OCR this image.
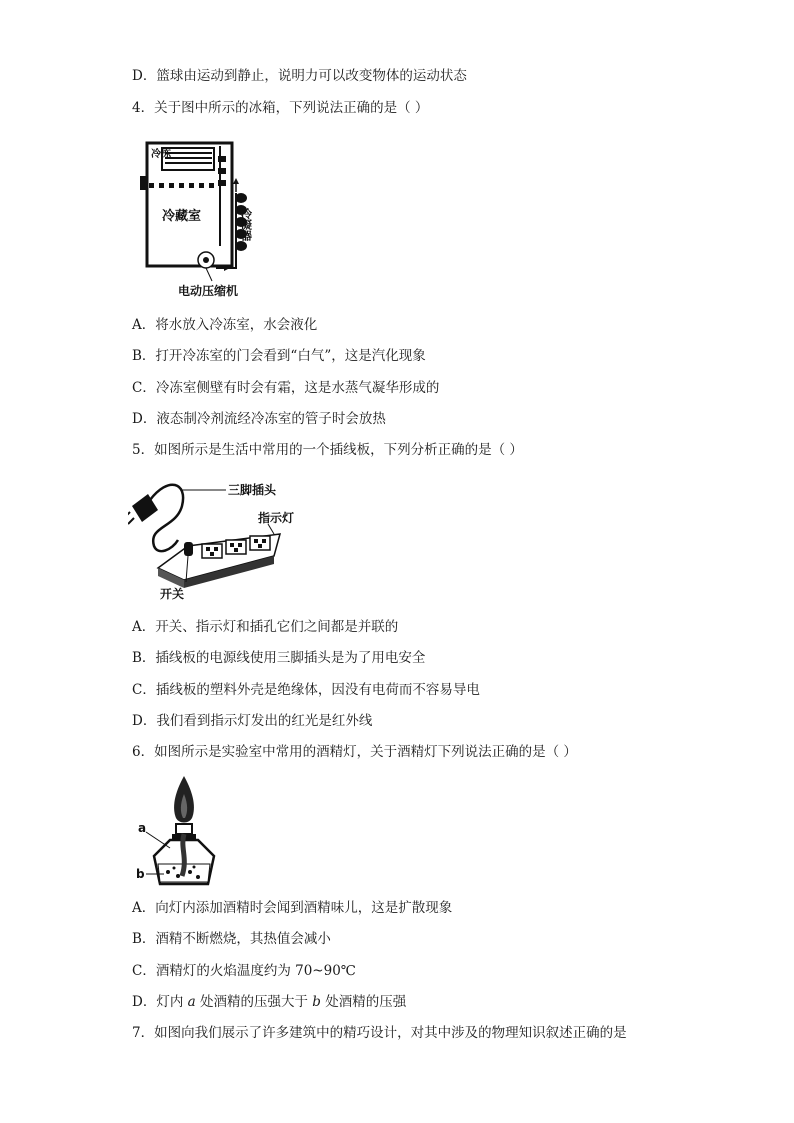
D．篮球由运动到静止，说明力可以改变物体的运动状态
4．关于图中所示的冰箱，下列说法正确的是（ ）
冷冻
冷藏室	冷凝器
电动压缩机
A．将水放入冷冻室，水会液化
B．打开冷冻室的门会看到“白气”，这是汽化现象
C．冷冻室侧壁有时会有霜，这是水蒸气凝华形成的
D．液态制冷剂流经冷冻室的管子时会放热
5．如图所示是生活中常用的一个插线板，下列分析正确的是（ ）
三脚插头
指示灯
开关
A．开关、指示灯和插孔它们之间都是并联的
B．插线板的电源线使用三脚插头是为了用电安全
C．插线板的塑料外壳是绝缘体，因没有电荷而不容易导电
D．我们看到指示灯发出的红光是红外线
6．如图所示是实验室中常用的酒精灯，关于酒精灯下列说法正确的是（ ）
a
b
A．向灯内添加酒精时会闻到酒精味儿，这是扩散现象
B．酒精不断燃烧，其热值会减小
C．酒精灯的火焰温度约为 70~90℃
D．灯内 a 处酒精的压强大于 b 处酒精的压强
7．如图向我们展示了许多建筑中的精巧设计，对其中涉及的物理知识叙述正确的是
